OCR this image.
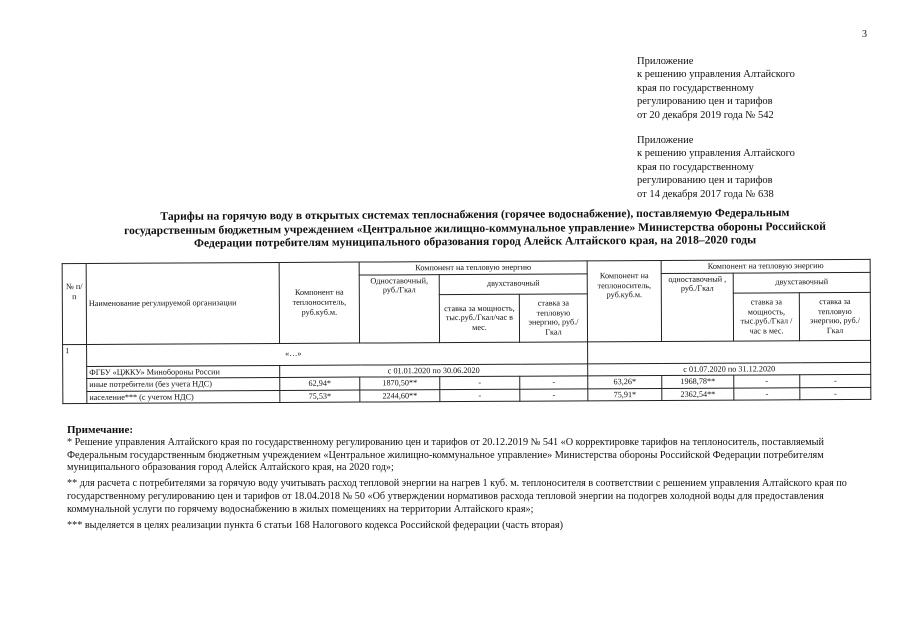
3
Приложение
к решению управления Алтайского
края по государственному
регулированию цен и тарифов
от 20 декабря 2019 года № 542
Приложение
к решению управления Алтайского
края по государственному
регулированию цен и тарифов
от 14 декабря 2017 года № 638
Тарифы на горячую воду в открытых системах теплоснабжения (горячее водоснабжение), поставляемую Федеральным
государственным бюджетным учреждением «Центральное жилищно-коммунальное управление» Министерства обороны Российской
Федерации потребителям муниципального образования город Алейск Алтайского края, на 2018–2020 годы
№ п/ п	Наименование регулируемой организации	Компонент на теплоноситель, руб.куб.м.	Компонент на тепловую энергию			Компонент на теплоноситель, руб.куб.м.	Компонент на тепловую энергию		
			Одноставочный, руб./Гкал	двухставочный			одноставочный , руб./Гкал	двухставочный	
				ставка за мощность, тыс.руб./Гкал/час в мес.	ставка за тепловую энергию, руб./Гкал			ставка за мощность, тыс.руб./Гкал / час в мес.	ставка за тепловую энергию, руб./Гкал
1	«…»								
	ФГБУ «ЦЖКУ» Минобороны России	с 01.01.2020 по 30.06.2020				с 01.07.2020 по 31.12.2020			
	иные потребители (без учета НДС)	62,94*	1870,50**	-	-	63,26*	1968,78**	-	-
	население*** (с учетом НДС)	75,53*	2244,60**	-	-	75,91*	2362,54**	-	-
Примечание:

* Решение управления Алтайского края по государственному регулированию цен и тарифов от 20.12.2019 № 541 «О корректировке тарифов на теплоноситель, поставляемый Федеральным государственным бюджетным учреждением «Центральное жилищно-коммунальное управление» Министерства обороны Российской Федерации потребителям муниципального образования город Алейск Алтайского края, на 2020 год»;

** для расчета с потребителями за горячую воду учитывать расход тепловой энергии на нагрев 1 куб. м. теплоносителя в соответствии с решением управления Алтайского края по государственному регулированию цен и тарифов от 18.04.2018 № 50 «Об утверждении нормативов расхода тепловой энергии на подогрев холодной воды для предоставления коммунальной услуги по горячему водоснабжению в жилых помещениях на территории Алтайского края»;

*** выделяется в целях реализации пункта 6 статьи 168 Налогового кодекса Российской федерации (часть вторая)
